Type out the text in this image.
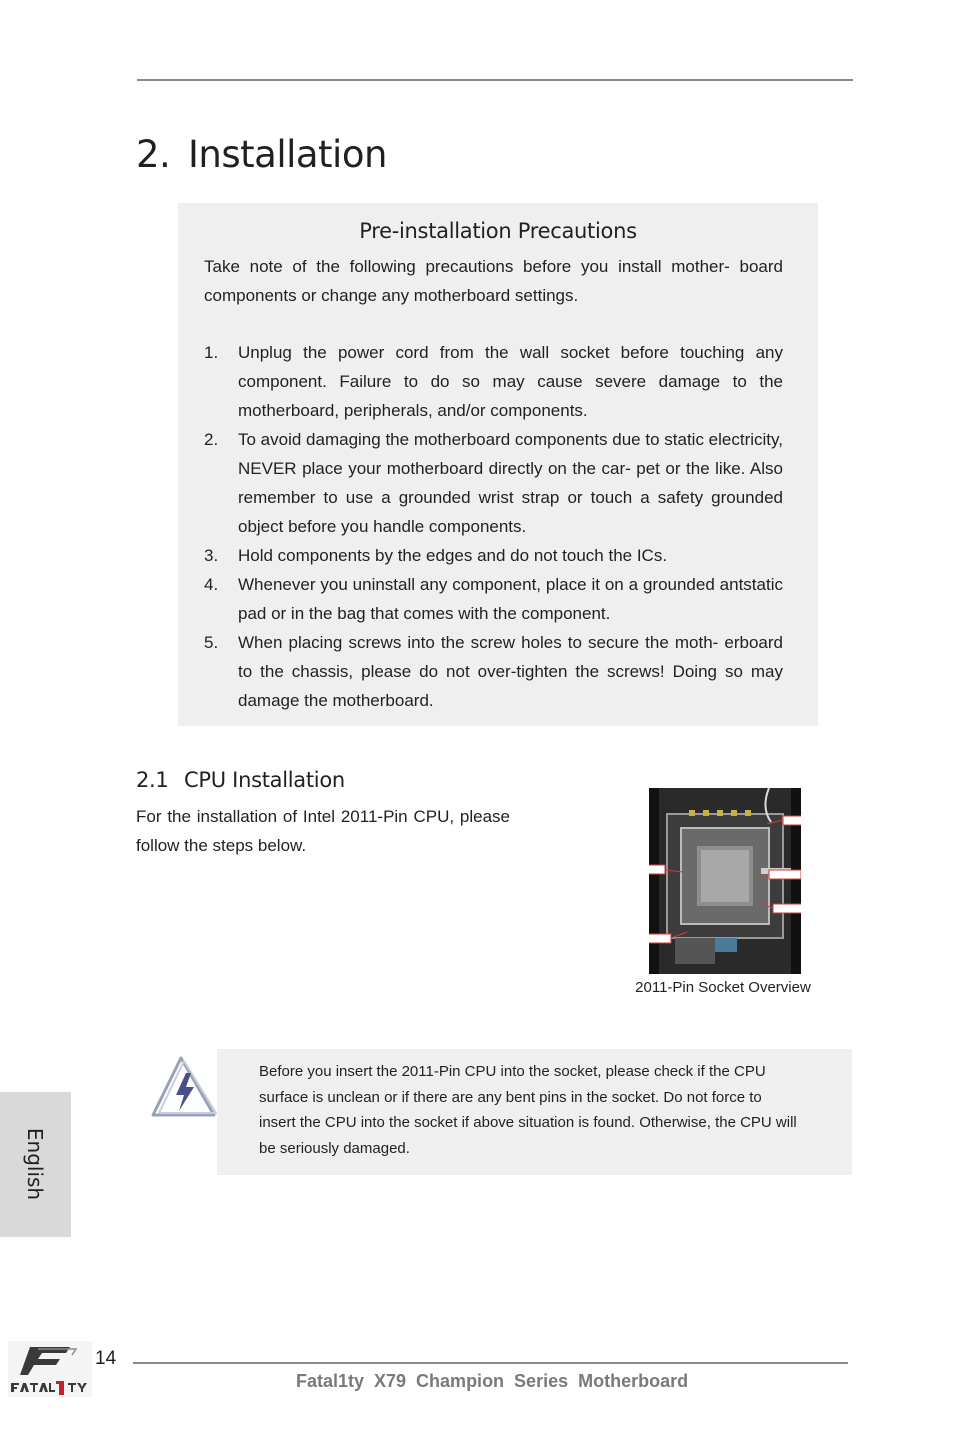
2. Installation
Pre-installation Precautions
Take note of the following precautions before you install mother- board components or change any motherboard settings.
1. Unplug the power cord from the wall socket before touching any component. Failure to do so may cause severe damage to the motherboard, peripherals, and/or components.
2. To avoid damaging the motherboard components due to static electricity, NEVER place your motherboard directly on the car- pet or the like. Also remember to use a grounded wrist strap or touch a safety grounded object before you handle components.
3. Hold components by the edges and do not touch the ICs.
4. Whenever you uninstall any component, place it on a grounded antstatic pad or in the bag that comes with the component.
5. When placing screws into the screw holes to secure the moth- erboard to the chassis, please do not over-tighten the screws! Doing so may damage the motherboard.
2.1 CPU Installation
For the installation of Intel 2011-Pin CPU, please follow the steps below.
2011-Pin Socket Overview
Before you insert the 2011-Pin CPU into the socket, please check if the CPU surface is unclean or if there are any bent pins in the socket. Do not force to insert the CPU into the socket if above situation is found. Otherwise, the CPU will be seriously damaged.
English
14
Fatal1ty X79 Champion Series Motherboard
